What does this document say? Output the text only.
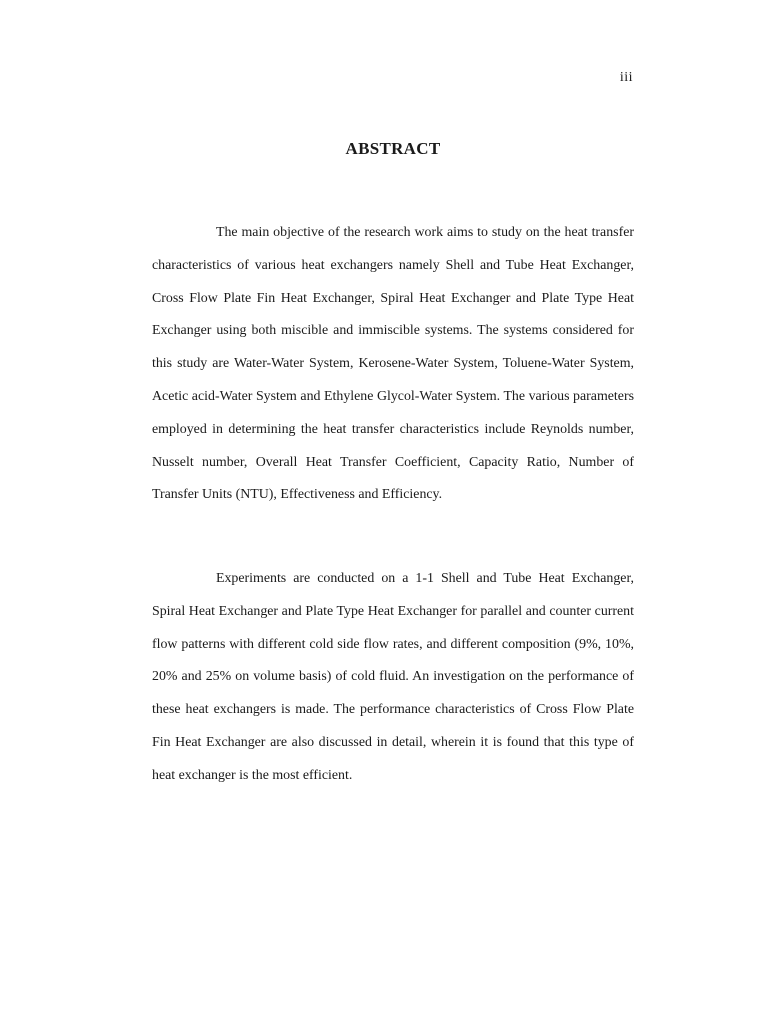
iii
ABSTRACT

The main objective of the research work aims to study on the heat transfer characteristics of various heat exchangers namely Shell and Tube Heat Exchanger, Cross Flow Plate Fin Heat Exchanger, Spiral Heat Exchanger and Plate Type Heat Exchanger using both miscible and immiscible systems. The systems considered for this study are Water-Water System, Kerosene-Water System, Toluene-Water System, Acetic acid-Water System and Ethylene Glycol-Water System. The various parameters employed in determining the heat transfer characteristics include Reynolds number, Nusselt number, Overall Heat Transfer Coefficient, Capacity Ratio, Number of Transfer Units (NTU), Effectiveness and Efficiency.

Experiments are conducted on a 1-1 Shell and Tube Heat Exchanger, Spiral Heat Exchanger and Plate Type Heat Exchanger for parallel and counter current flow patterns with different cold side flow rates, and different composition (9%, 10%, 20% and 25% on volume basis) of cold fluid. An investigation on the performance of these heat exchangers is made. The performance characteristics of Cross Flow Plate Fin Heat Exchanger are also discussed in detail, wherein it is found that this type of heat exchanger is the most efficient.
